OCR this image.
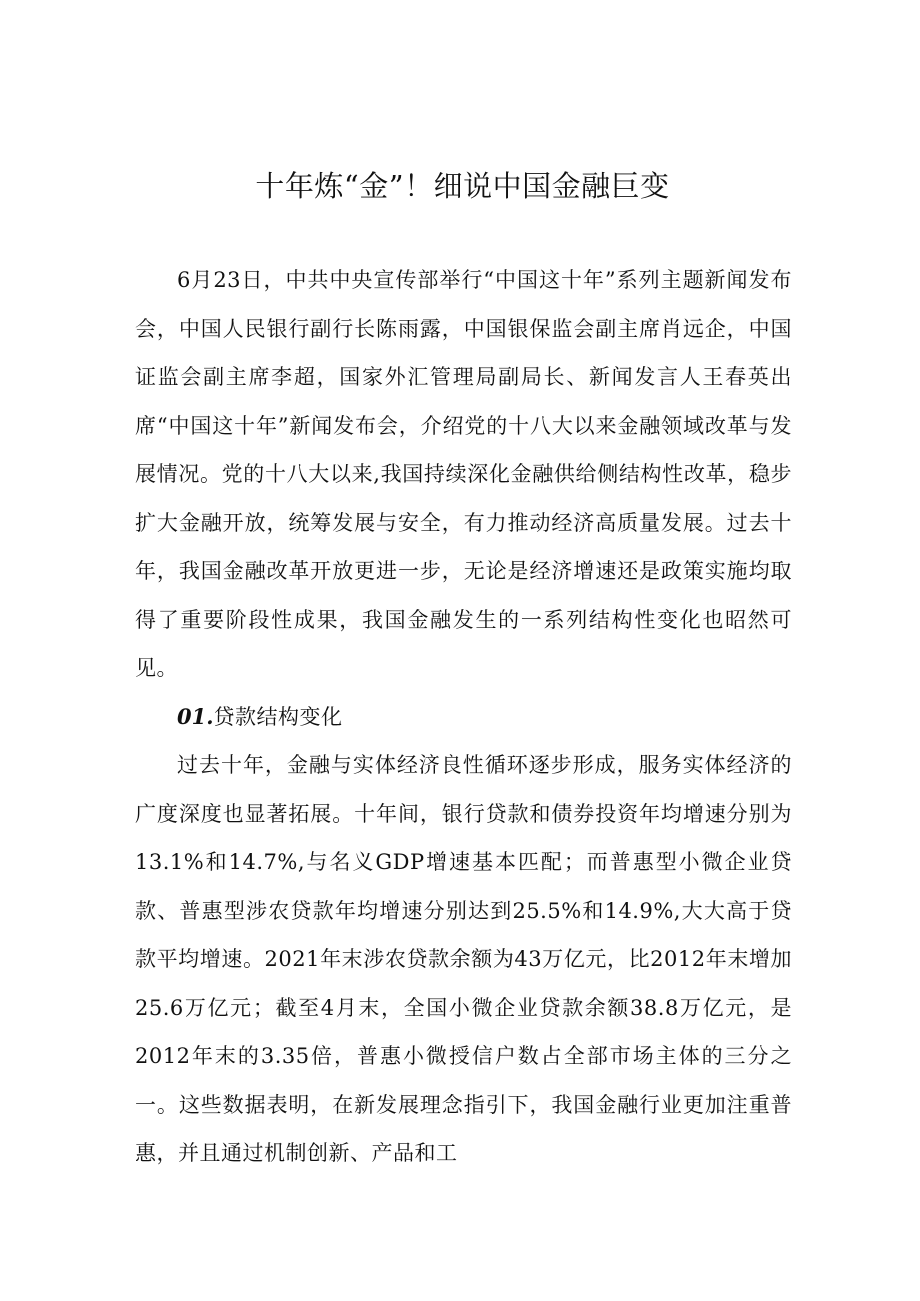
十年炼“金”！细说中国金融巨变

6月23日，中共中央宣传部举行“中国这十年”系列主题新闻发布会，中国人民银行副行长陈雨露，中国银保监会副主席肖远企，中国证监会副主席李超，国家外汇管理局副局长、新闻发言人王春英出席“中国这十年”新闻发布会，介绍党的十八大以来金融领域改革与发展情况。党的十八大以来,我国持续深化金融供给侧结构性改革，稳步扩大金融开放，统筹发展与安全，有力推动经济高质量发展。过去十年，我国金融改革开放更进一步，无论是经济增速还是政策实施均取得了重要阶段性成果，我国金融发生的一系列结构性变化也昭然可见。

01.贷款结构变化

过去十年，金融与实体经济良性循环逐步形成，服务实体经济的广度深度也显著拓展。十年间，银行贷款和债券投资年均增速分别为13.1%和14.7%,与名义GDP增速基本匹配；而普惠型小微企业贷款、普惠型涉农贷款年均增速分别达到25.5%和14.9%,大大高于贷款平均增速。2021年末涉农贷款余额为43万亿元，比2012年末增加25.6万亿元；截至4月末，全国小微企业贷款余额38.8万亿元，是2012年末的3.35倍，普惠小微授信户数占全部市场主体的三分之一。这些数据表明，在新发展理念指引下，我国金融行业更加注重普惠，并且通过机制创新、产品和工
